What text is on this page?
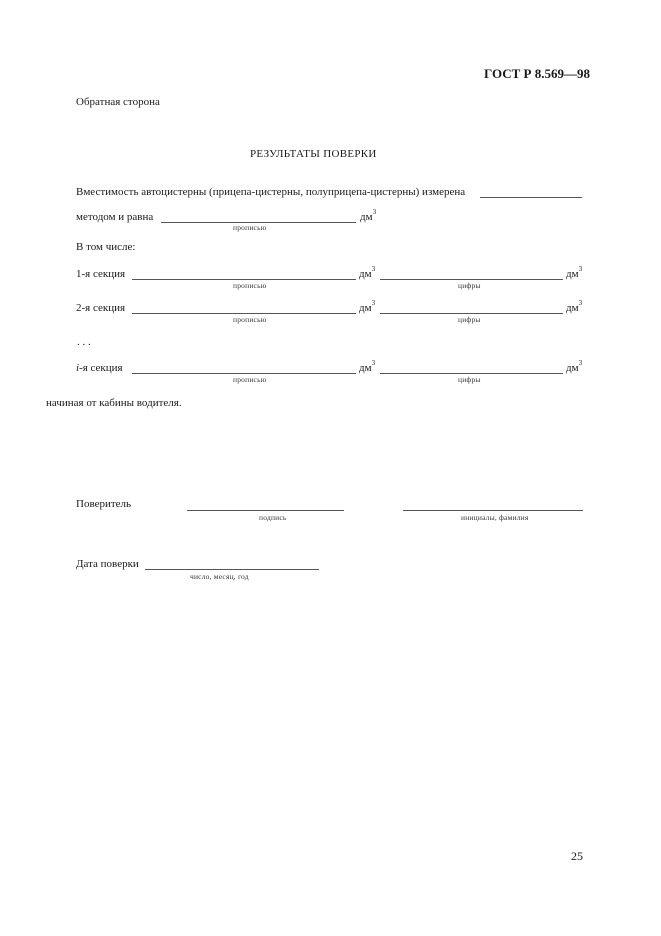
ГОСТ Р 8.569—98
Обратная сторона
РЕЗУЛЬТАТЫ ПОВЕРКИ
Вместимость автоцистерны (прицепа-цистерны, полуприцепа-цистерны) измерена
методом и равна	$дм^3$
прописью
В том числе:
1-я секция	$дм^3$	$дм^3$
прописью	цифры
2-я секция	$дм^3$	$дм^3$
прописью	цифры
. . .
i-я секция	$дм^3$	$дм^3$
прописью	цифры
начиная от кабины водителя.
Поверитель
подпись	инициалы, фамилия
Дата поверки
число, месяц, год
25
